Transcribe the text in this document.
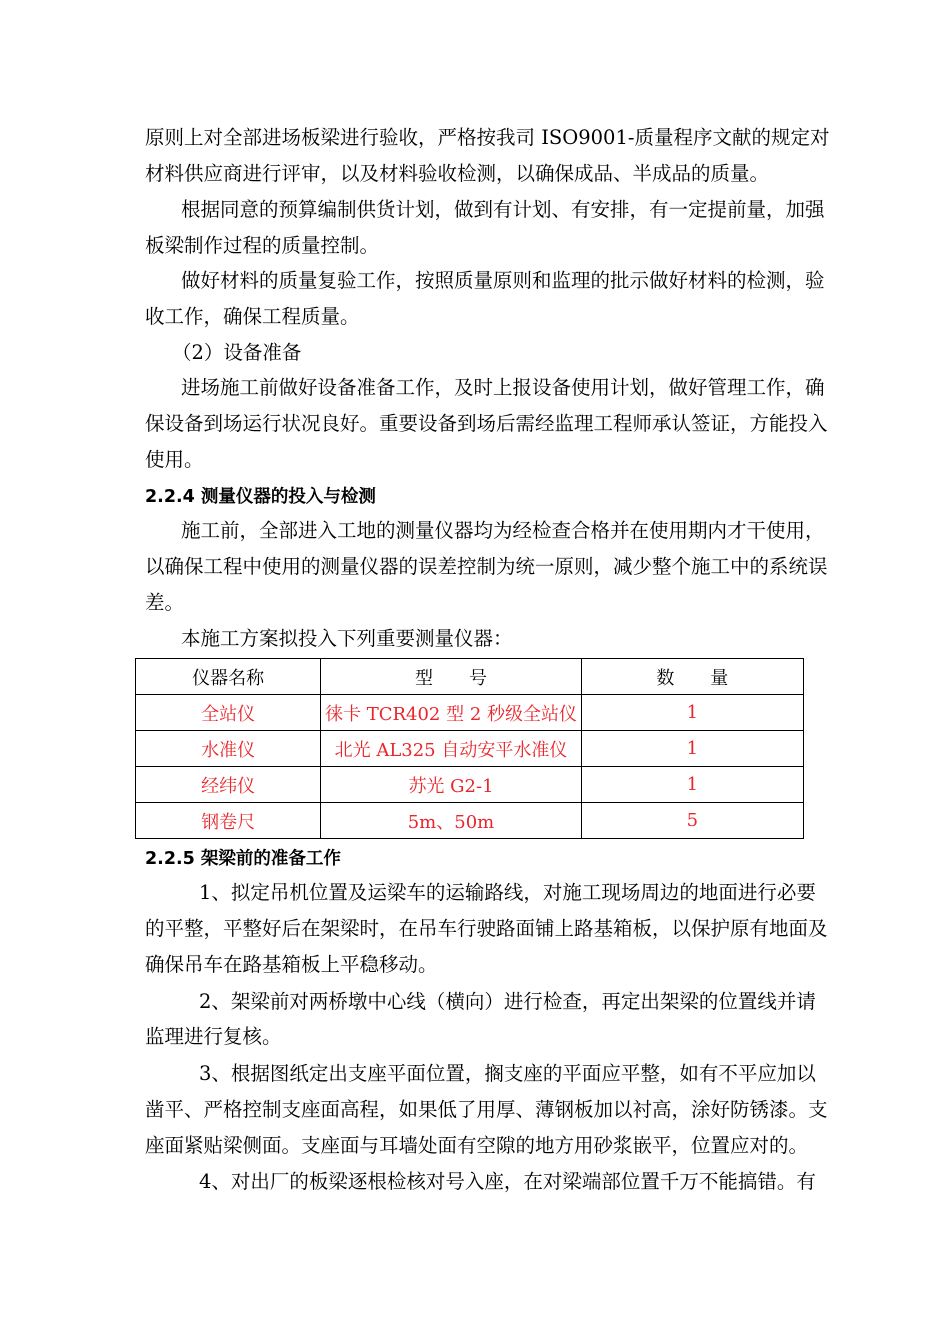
原则上对全部进场板梁进行验收，严格按我司 ISO9001-质量程序文献的规定对
材料供应商进行评审，以及材料验收检测，以确保成品、半成品的质量。
根据同意的预算编制供货计划，做到有计划、有安排，有一定提前量，加强
板梁制作过程的质量控制。
做好材料的质量复验工作，按照质量原则和监理的批示做好材料的检测，验
收工作，确保工程质量。
（2）设备准备
进场施工前做好设备准备工作，及时上报设备使用计划，做好管理工作，确
保设备到场运行状况良好。重要设备到场后需经监理工程师承认签证，方能投入
使用。
2.2.4 测量仪器的投入与检测
施工前，全部进入工地的测量仪器均为经检查合格并在使用期内才干使用，
以确保工程中使用的测量仪器的误差控制为统一原则，减少整个施工中的系统误
差。
本施工方案拟投入下列重要测量仪器：
仪器名称	型　　号	数　　量
全站仪	徕卡 TCR402 型 2 秒级全站仪	1
水准仪	北光 AL325 自动安平水准仪	1
经纬仪	苏光 G2-1	1
钢卷尺	5m、50m	5
2.2.5 架梁前的准备工作
1、拟定吊机位置及运梁车的运输路线，对施工现场周边的地面进行必要
的平整，平整好后在架梁时，在吊车行驶路面铺上路基箱板，以保护原有地面及
确保吊车在路基箱板上平稳移动。
2、架梁前对两桥墩中心线（横向）进行检查，再定出架梁的位置线并请
监理进行复核。
3、根据图纸定出支座平面位置，搁支座的平面应平整，如有不平应加以
凿平、严格控制支座面高程，如果低了用厚、薄钢板加以衬高，涂好防锈漆。支
座面紧贴梁侧面。支座面与耳墙处面有空隙的地方用砂浆嵌平，位置应对的。
4、对出厂的板梁逐根检核对号入座，在对梁端部位置千万不能搞错。有
